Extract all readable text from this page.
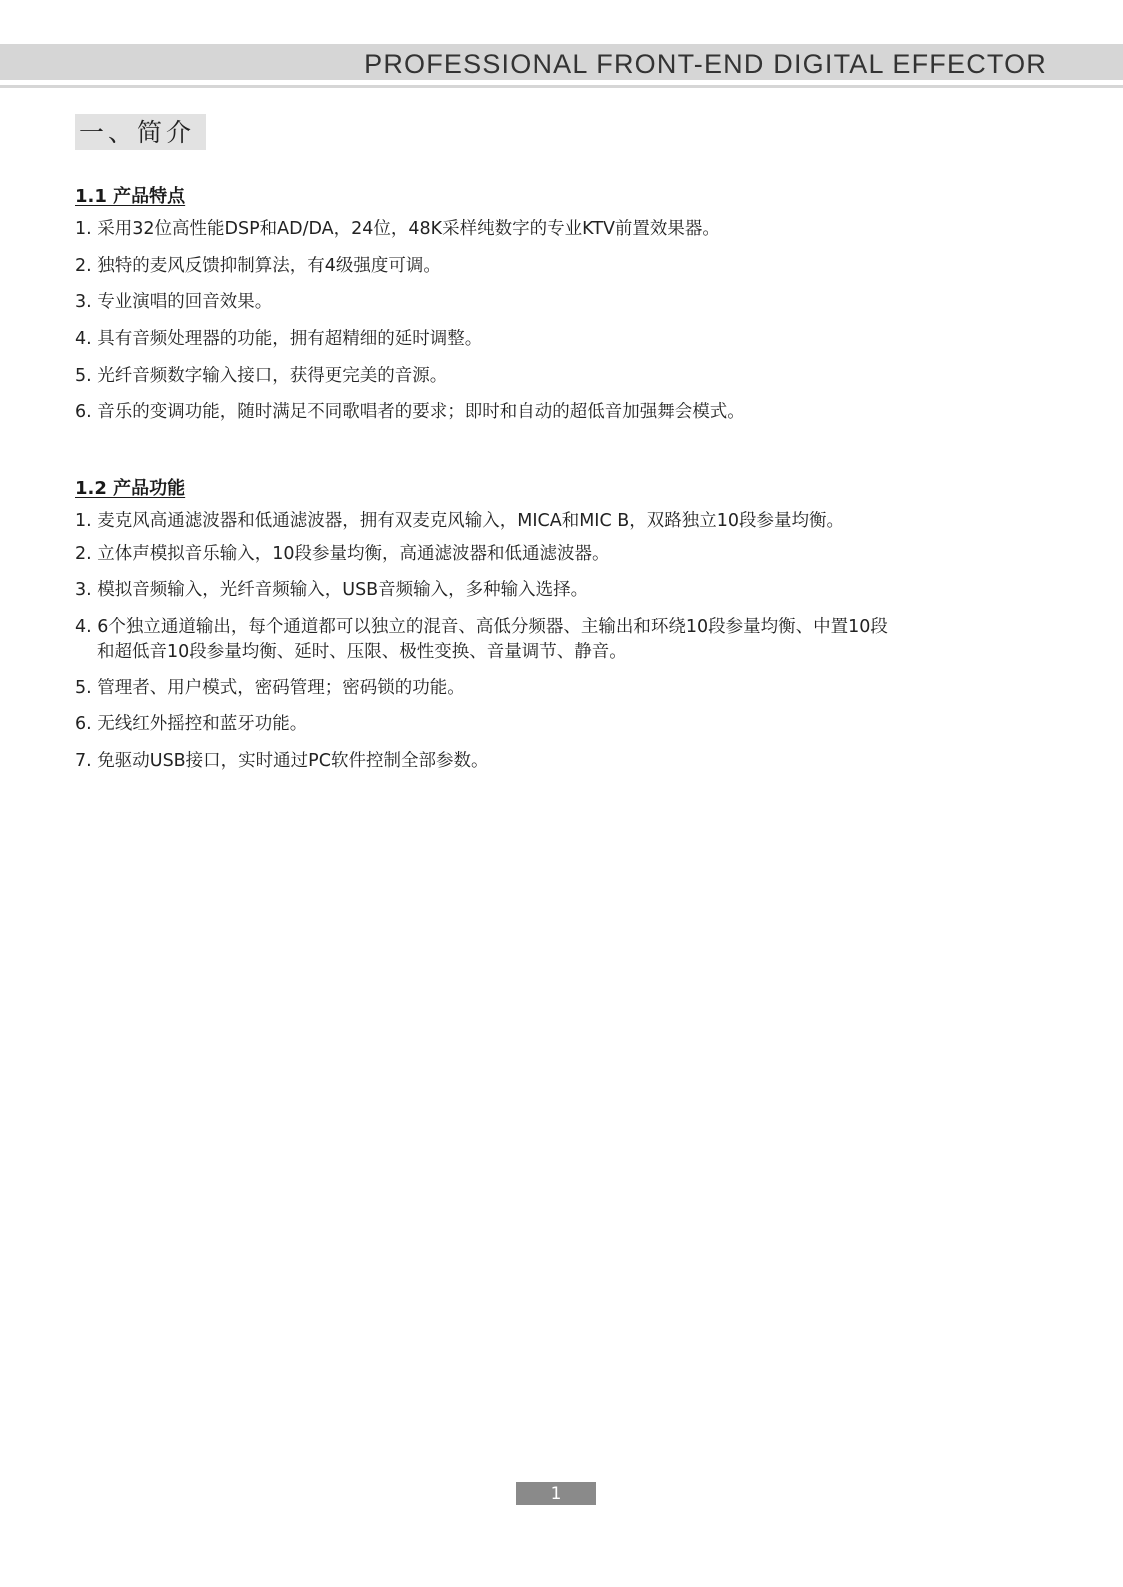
PROFESSIONAL FRONT-END DIGITAL EFFECTOR
一、简介
1.1 产品特点
1. 采用32位高性能DSP和AD/DA，24位，48K采样纯数字的专业KTV前置效果器。
2. 独特的麦风反馈抑制算法，有4级强度可调。
3. 专业演唱的回音效果。
4. 具有音频处理器的功能，拥有超精细的延时调整。
5. 光纤音频数字输入接口，获得更完美的音源。
6. 音乐的变调功能，随时满足不同歌唱者的要求；即时和自动的超低音加强舞会模式。
1.2 产品功能
1. 麦克风高通滤波器和低通滤波器，拥有双麦克风输入，MICA和MIC B，双路独立10段参量均衡。
2. 立体声模拟音乐输入，10段参量均衡，高通滤波器和低通滤波器。
3. 模拟音频输入，光纤音频输入，USB音频输入，多种输入选择。
4. 6个独立通道输出，每个通道都可以独立的混音、高低分频器、主输出和环绕10段参量均衡、中置10段
和超低音10段参量均衡、延时、压限、极性变换、音量调节、静音。
5. 管理者、用户模式，密码管理；密码锁的功能。
6. 无线红外摇控和蓝牙功能。
7. 免驱动USB接口，实时通过PC软件控制全部参数。
1
